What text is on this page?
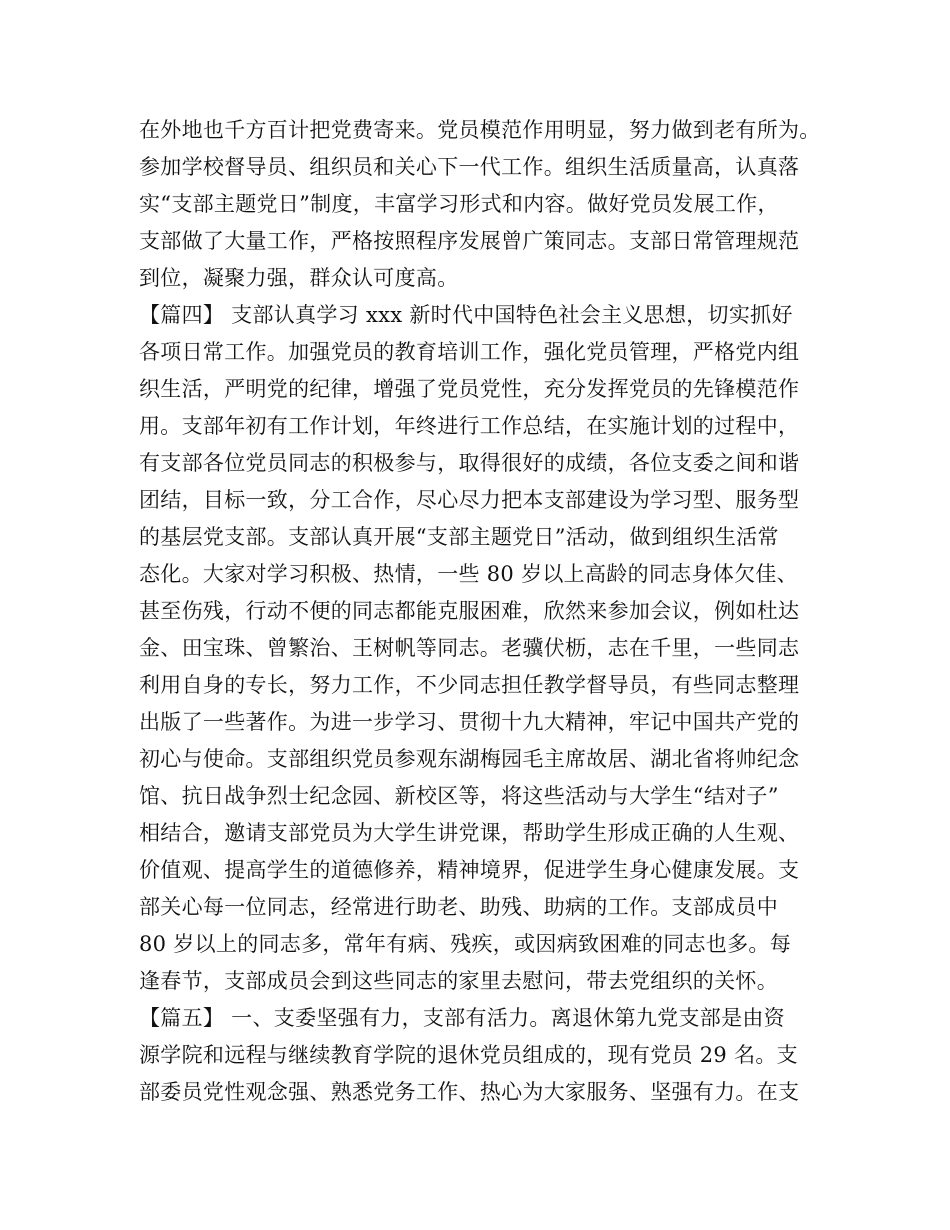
在外地也千方百计把党费寄来。党员模范作用明显，努力做到老有所为。
参加学校督导员、组织员和关心下一代工作。组织生活质量高，认真落
实“支部主题党日”制度，丰富学习形式和内容。做好党员发展工作，
支部做了大量工作，严格按照程序发展曾广策同志。支部日常管理规范
到位，凝聚力强，群众认可度高。
【篇四】 支部认真学习 xxx 新时代中国特色社会主义思想，切实抓好
各项日常工作。加强党员的教育培训工作，强化党员管理，严格党内组
织生活，严明党的纪律，增强了党员党性，充分发挥党员的先锋模范作
用。支部年初有工作计划，年终进行工作总结，在实施计划的过程中，
有支部各位党员同志的积极参与，取得很好的成绩，各位支委之间和谐
团结，目标一致，分工合作，尽心尽力把本支部建设为学习型、服务型
的基层党支部。支部认真开展“支部主题党日”活动，做到组织生活常
态化。大家对学习积极、热情，一些 80 岁以上高龄的同志身体欠佳、
甚至伤残，行动不便的同志都能克服困难，欣然来参加会议，例如杜达
金、田宝珠、曾繁治、王树帆等同志。老骥伏枥，志在千里，一些同志
利用自身的专长，努力工作，不少同志担任教学督导员，有些同志整理
出版了一些著作。为进一步学习、贯彻十九大精神，牢记中国共产党的
初心与使命。支部组织党员参观东湖梅园毛主席故居、湖北省将帅纪念
馆、抗日战争烈士纪念园、新校区等，将这些活动与大学生“结对子”
相结合，邀请支部党员为大学生讲党课，帮助学生形成正确的人生观、
价值观、提高学生的道德修养，精神境界，促进学生身心健康发展。支
部关心每一位同志，经常进行助老、助残、助病的工作。支部成员中
80 岁以上的同志多，常年有病、残疾，或因病致困难的同志也多。每
逢春节，支部成员会到这些同志的家里去慰问，带去党组织的关怀。
【篇五】 一、支委坚强有力，支部有活力。离退休第九党支部是由资
源学院和远程与继续教育学院的退休党员组成的，现有党员 29 名。支
部委员党性观念强、熟悉党务工作、热心为大家服务、坚强有力。在支
